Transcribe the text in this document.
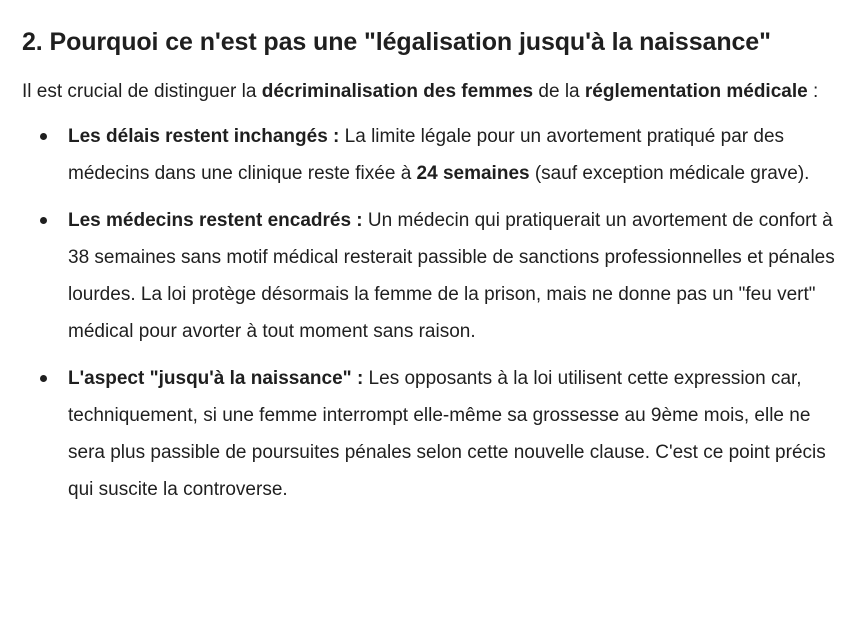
2. Pourquoi ce n'est pas une "légalisation jusqu'à la naissance"

Il est crucial de distinguer la décriminalisation des femmes de la réglementation médicale :

Les délais restent inchangés : La limite légale pour un avortement pratiqué par des médecins dans une clinique reste fixée à 24 semaines (sauf exception médicale grave).
Les médecins restent encadrés : Un médecin qui pratiquerait un avortement de confort à 38 semaines sans motif médical resterait passible de sanctions professionnelles et pénales lourdes. La loi protège désormais la femme de la prison, mais ne donne pas un "feu vert" médical pour avorter à tout moment sans raison.
L'aspect "jusqu'à la naissance" : Les opposants à la loi utilisent cette expression car, techniquement, si une femme interrompt elle-même sa grossesse au 9ème mois, elle ne sera plus passible de poursuites pénales selon cette nouvelle clause. C'est ce point précis qui suscite la controverse.
